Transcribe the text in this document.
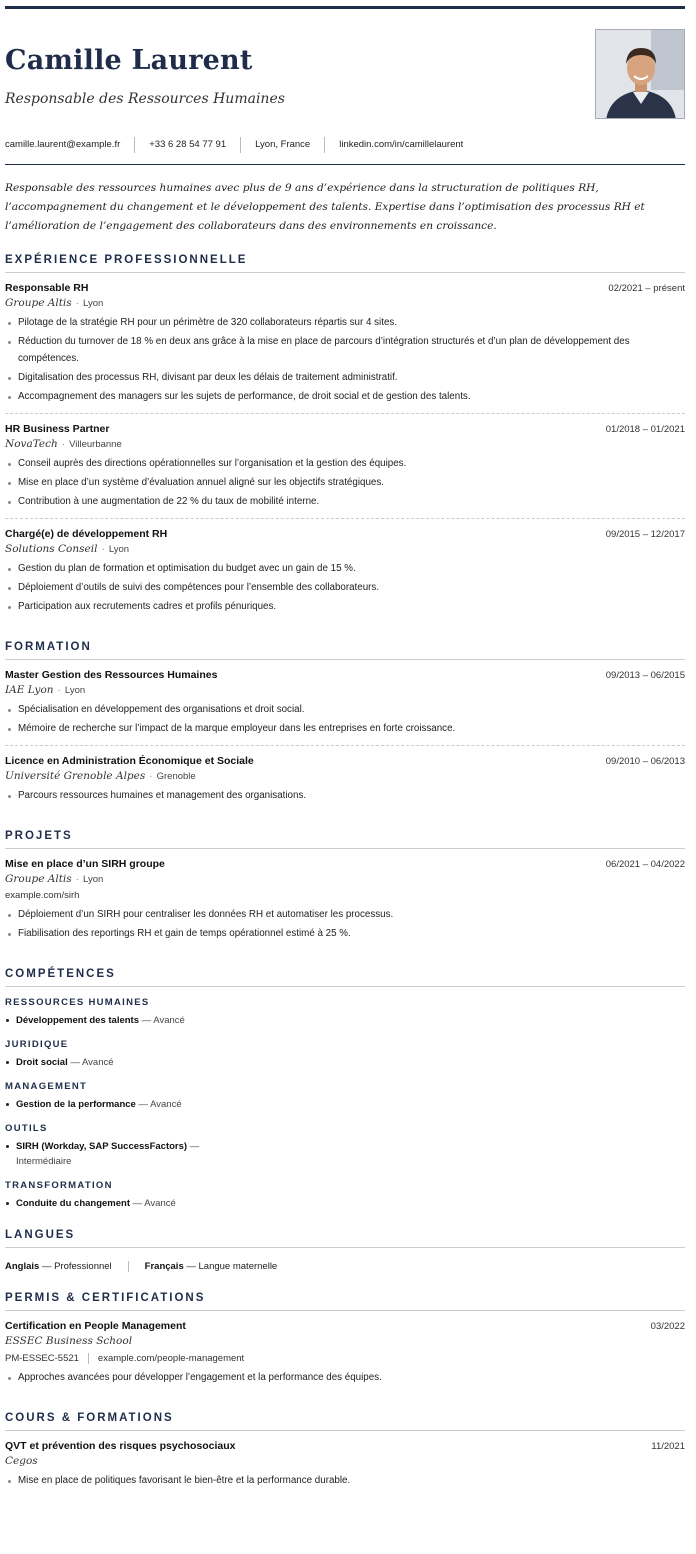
Camille Laurent
Responsable des Ressources Humaines
camille.laurent@example.fr	+33 6 28 54 77 91	Lyon, France	linkedin.com/in/camillelaurent

Responsable des ressources humaines avec plus de 9 ans d’expérience dans la structuration de politiques RH, l’accompagnement du changement et le développement des talents. Expertise dans l’optimisation des processus RH et l’amélioration de l’engagement des collaborateurs dans des environnements en croissance.

EXPÉRIENCE PROFESSIONNELLE
Responsable RH	02/2021 – présent
Groupe Altis · Lyon
Pilotage de la stratégie RH pour un périmètre de 320 collaborateurs répartis sur 4 sites.
Réduction du turnover de 18 % en deux ans grâce à la mise en place de parcours d’intégration structurés et d’un plan de développement des compétences.
Digitalisation des processus RH, divisant par deux les délais de traitement administratif.
Accompagnement des managers sur les sujets de performance, de droit social et de gestion des talents.
HR Business Partner	01/2018 – 01/2021
NovaTech · Villeurbanne
Conseil auprès des directions opérationnelles sur l’organisation et la gestion des équipes.
Mise en place d’un système d’évaluation annuel aligné sur les objectifs stratégiques.
Contribution à une augmentation de 22 % du taux de mobilité interne.
Chargé(e) de développement RH	09/2015 – 12/2017
Solutions Conseil · Lyon
Gestion du plan de formation et optimisation du budget avec un gain de 15 %.
Déploiement d’outils de suivi des compétences pour l’ensemble des collaborateurs.
Participation aux recrutements cadres et profils pénuriques.
FORMATION
Master Gestion des Ressources Humaines	09/2013 – 06/2015
IAE Lyon · Lyon
Spécialisation en développement des organisations et droit social.
Mémoire de recherche sur l’impact de la marque employeur dans les entreprises en forte croissance.
Licence en Administration Économique et Sociale	09/2010 – 06/2013
Université Grenoble Alpes · Grenoble
Parcours ressources humaines et management des organisations.
PROJETS
Mise en place d’un SIRH groupe	06/2021 – 04/2022
Groupe Altis · Lyon
example.com/sirh
Déploiement d’un SIRH pour centraliser les données RH et automatiser les processus.
Fiabilisation des reportings RH et gain de temps opérationnel estimé à 25 %.
COMPÉTENCES
RESSOURCES HUMAINES
Développement des talents — Avancé
JURIDIQUE
Droit social — Avancé
MANAGEMENT
Gestion de la performance — Avancé
OUTILS
SIRH (Workday, SAP SuccessFactors) — Intermédiaire
TRANSFORMATION
Conduite du changement — Avancé
LANGUES
Anglais — Professionnel	Français — Langue maternelle
PERMIS & CERTIFICATIONS
Certification en People Management	03/2022
ESSEC Business School
PM-ESSEC-5521	example.com/people-management
Approches avancées pour développer l’engagement et la performance des équipes.
COURS & FORMATIONS
QVT et prévention des risques psychosociaux	11/2021
Cegos
Mise en place de politiques favorisant le bien-être et la performance durable.
